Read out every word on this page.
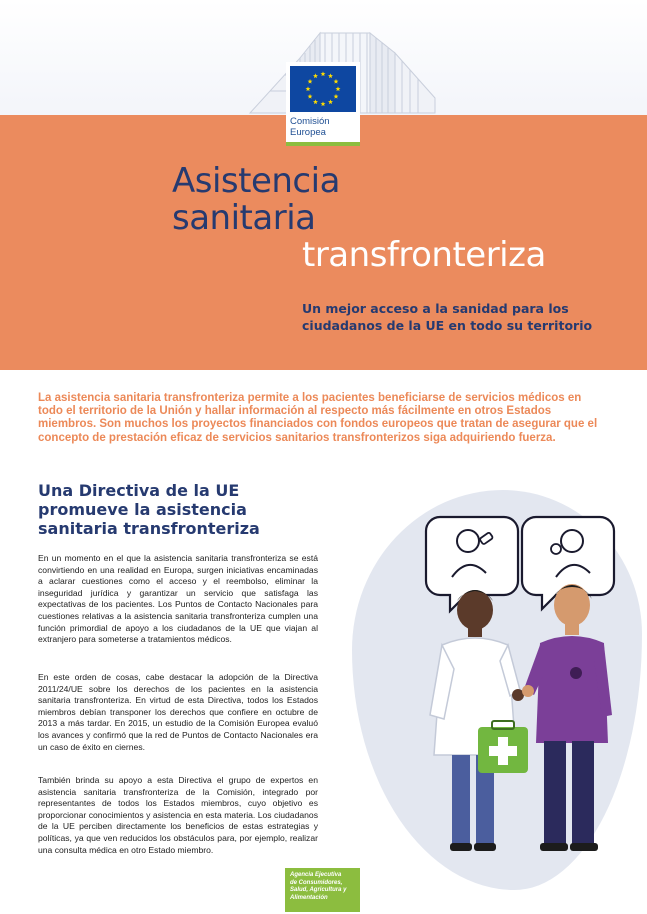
Comisión
Europea
Asistencia
sanitaria
transfronteriza
Un mejor acceso a la sanidad para los ciudadanos de la UE en todo su territorio
La asistencia sanitaria transfronteriza permite a los pacientes beneficiarse de servicios médicos en todo el territorio de la Unión y hallar información al respecto más fácilmente en otros Estados miembros. Son muchos los proyectos financiados con fondos europeos que tratan de asegurar que el concepto de prestación eficaz de servicios sanitarios transfronterizos siga adquiriendo fuerza.
Una Directiva de la UE promueve la asistencia sanitaria transfronteriza

En un momento en el que la asistencia sanitaria transfronteriza se está convirtiendo en una realidad en Europa, surgen iniciativas encaminadas a aclarar cuestiones como el acceso y el reembolso, eliminar la inseguridad jurídica y garantizar un servicio que satisfaga las expectativas de los pacientes. Los Puntos de Contacto Nacionales para cuestiones relativas a la asistencia sanitaria transfronteriza cumplen una función primordial de apoyo a los ciudadanos de la UE que viajan al extranjero para someterse a tratamientos médicos.

En este orden de cosas, cabe destacar la adopción de la Directiva 2011/24/UE sobre los derechos de los pacientes en la asistencia sanitaria transfronteriza. En virtud de esta Directiva, todos los Estados miembros debían transponer los derechos que confiere en octubre de 2013 a más tardar. En 2015, un estudio de la Comisión Europea evaluó los avances y confirmó que la red de Puntos de Contacto Nacionales era un caso de éxito en ciernes.

También brinda su apoyo a esta Directiva el grupo de expertos en asistencia sanitaria transfronteriza de la Comisión, integrado por representantes de todos los Estados miembros, cuyo objetivo es proporcionar conocimientos y asistencia en esta materia. Los ciudadanos de la UE perciben directamente los beneficios de estas estrategias y políticas, ya que ven reducidos los obstáculos para, por ejemplo, realizar una consulta médica en otro Estado miembro.

Agencia Ejecutiva
de Consumidores,
Salud, Agricultura y
Alimentación
